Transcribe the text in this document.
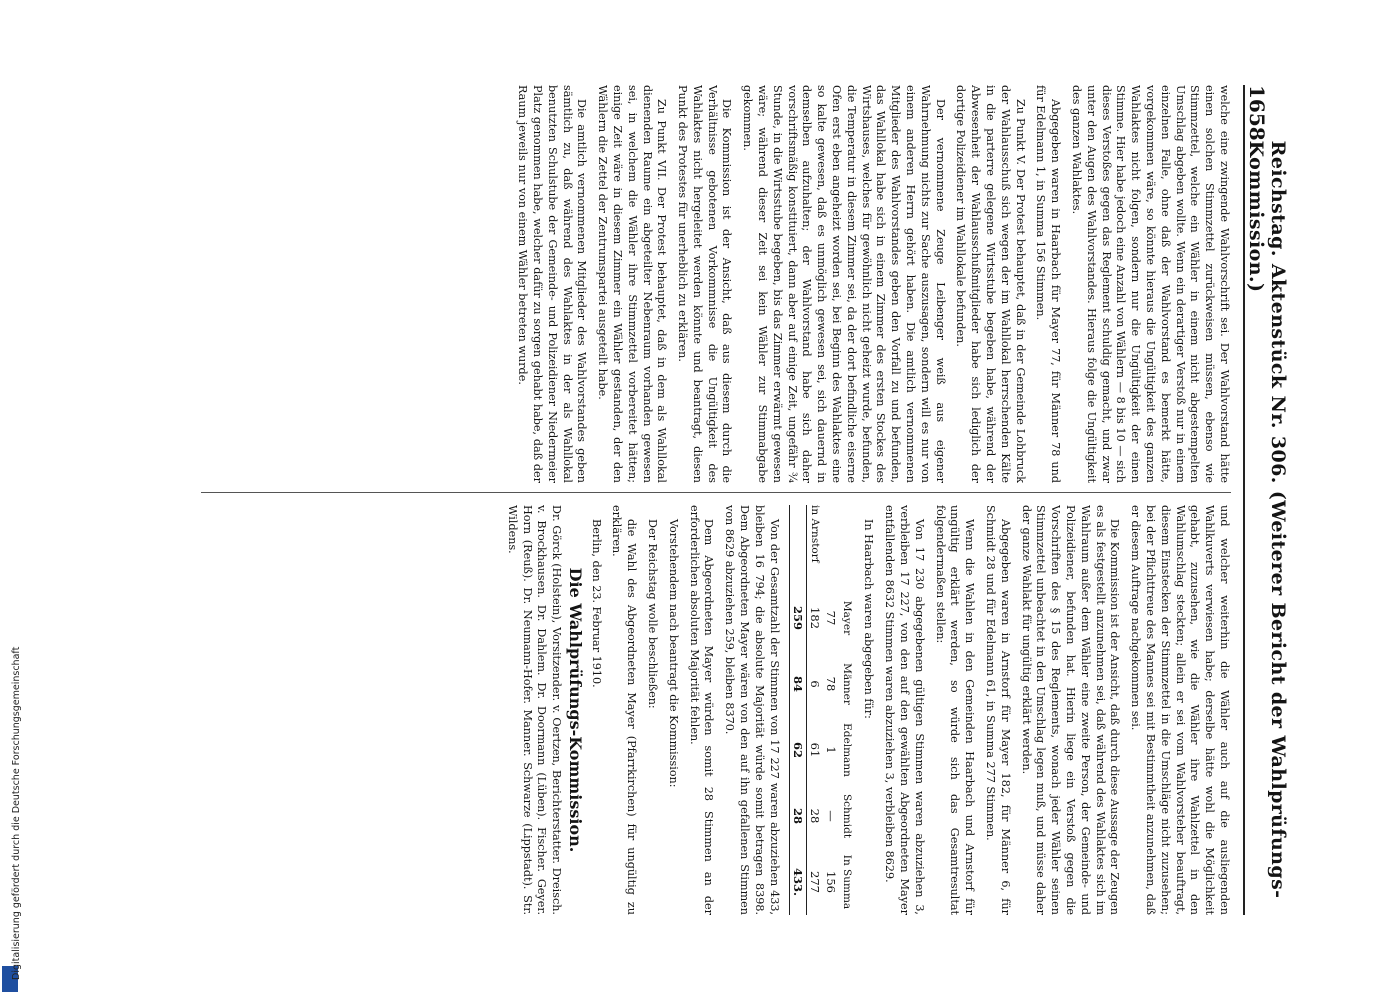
Digitalisierung gefördert durch die Deutsche Forschungsgemeinschaft
1658
Reichstag. Aktenstück Nr. 306. (Weiterer Bericht der Wahlprüfungs-Kommission.)

welche eine zwingende Wahlvorschrift sei. Der Wahlvorstand hätte einen solchen Stimmzettel zurückweisen müssen, ebenso wie Stimmzettel, welche ein Wähler in einem nicht abgestempelten Umschlag abgeben wollte. Wenn ein derartiger Verstoß nur in einem einzelnen Falle, ohne daß der Wahlvorstand es bemerkt hätte, vorgekommen wäre, so könnte hieraus die Ungültigkeit des ganzen Wahlaktes nicht folgen, sondern nur die Ungültigkeit der einen Stimme. Hier habe jedoch eine Anzahl von Wählern — 8 bis 10 — sich dieses Verstoßes gegen das Reglement schuldig gemacht, und zwar unter den Augen des Wahlvorstandes. Hieraus folge die Ungültigkeit des ganzen Wahlaktes.

Abgegeben waren in Haarbach für Mayer 77, für Männer 78 und für Edelmann 1, in Summa 156 Stimmen.

Zu Punkt V. Der Protest behauptet, daß in der Gemeinde Lohbruck der Wahlausschuß sich wegen der im Wahllokal herrschenden Kälte in die parterre gelegene Wirtsstube begeben habe, während der Abwesenheit der Wahlausschußmitglieder habe sich lediglich der dortige Polizeidiener im Wahllokale befunden.

Der vernommene Zeuge Leibenger weiß aus eigener Wahrnehmung nichts zur Sache auszusagen, sondern will es nur von einem anderen Herrn gehört haben. Die amtlich vernommenen Mitglieder des Wahlvorstandes geben den Vorfall zu und befunden, das Wahllokal habe sich in einem Zimmer des ersten Stockes des Wirtshauses, welches für gewöhnlich nicht geheizt wurde, befunden, die Temperatur in diesem Zimmer sei, da der dort befindliche eiserne Ofen erst eben angeheizt worden sei, bei Beginn des Wahlaktes eine so kalte gewesen, daß es unmöglich gewesen sei, sich dauernd in demselben aufzuhalten; der Wahlvorstand habe sich daher vorschriftsmäßig konstituiert, dann aber auf einige Zeit, ungefähr ¾ Stunde, in die Wirtsstube begeben, bis das Zimmer erwärmt gewesen wäre; während dieser Zeit sei kein Wähler zur Stimmabgabe gekommen.

Die Kommission ist der Ansicht, daß aus diesem durch die Verhältnisse gebotenen Vorkommnisse die Ungültigkeit des Wahlaktes nicht hergeleitet werden könnte und beantragt, diesen Punkt des Protestes für unerheblich zu erklären.

Zu Punkt VII. Der Protest behauptet, daß in dem als Wahllokal dienenden Raume ein abgeteilter Nebenraum vorhanden gewesen sei, in welchem die Wähler ihre Stimmzettel vorbereitet hätten; einige Zeit wäre in diesem Zimmer ein Wähler gestanden, der den Wählern die Zettel der Zentrumspartei ausgeteilt habe.

Die amtlich vernommenen Mitglieder des Wahlvorstandes geben sämtlich zu, daß während des Wahlaktes in der als Wahllokal benutzten Schulstube der Gemeinde- und Polizeidiener Niedermeier Platz genommen habe, welcher dafür zu sorgen gehabt habe, daß der Raum jeweils nur von einem Wähler betreten wurde.

und welcher weiterhin die Wähler auch auf die ausliegenden Wahlkuverts verwiesen habe; derselbe hätte wohl die Möglichkeit gehabt, zuzusehen, wie die Wähler ihre Wahlzettel in den Wahlumschlag steckten; allein er sei vom Wahlvorsteher beauftragt, diesem Einstecken der Stimmzettel in die Umschläge nicht zuzusehen; bei der Pflichttreue des Mannes sei mit Bestimmtheit anzunehmen, daß er diesem Auftrage nachgekommen sei.

Die Kommission ist der Ansicht, daß durch diese Aussage der Zeugen es als festgestellt anzunehmen sei, daß während des Wahlaktes sich im Wahlraum außer dem Wähler eine zweite Person, der Gemeinde- und Polizeidiener, befunden hat. Hierin liege ein Verstoß gegen die Vorschriften des § 15 des Reglements, wonach jeder Wähler seinen Stimmzettel unbeachtet in den Umschlag legen muß, und müsse daher der ganze Wahlakt für ungültig erklärt werden.

Abgegeben waren in Arnstorf für Mayer 182, für Männer 6, für Schmidt 28 und für Edelmann 61, in Summa 277 Stimmen.

Wenn die Wahlen in den Gemeinden Haarbach und Arnstorf für ungültig erklärt werden, so würde sich das Gesamtresultat folgendermaßen stellen:

Von 17 230 abgegebenen gültigen Stimmen waren abzuziehen 3, verbleiben 17 227, von den auf den gewählten Abgeordneten Mayer entfallenden 8632 Stimmen waren abzuziehen 3, verbleiben 8629.

In Haarbach waren abgegeben für:

Mayer
Männer
Edelmann
Schmidt
In Summa
77
78
1
—
156
in Arnstorf
182
6
61
28
277
259
84
62
28
433.

Von der Gesamtzahl der Stimmen von 17 227 waren abzuziehen 433, bleiben 16 794; die absolute Majorität würde somit betragen 8398. Dem Abgeordneten Mayer wären von den auf ihn gefallenen Stimmen von 8629 abzuziehen 259, bleiben 8370.

Dem Abgeordneten Mayer würden somit 28 Stimmen an der erforderlichen absoluten Majorität fehlen.

Vorstehendem nach beantragt die Kommission:

Der Reichstag wolle beschließen:

die Wahl des Abgeordneten Mayer (Pfarrkirchen) für ungültig zu erklären.

Berlin, den 23. Februar 1910.

Die Wahlprüfungs-Kommission.

Dr. Görck (Holstein), Vorsitzender. v. Oertzen, Berichterstatter. Dreisch. v. Brockhausen. Dr. Dahlem. Dr. Doormann (Lüben). Fischer. Geyer. Horn (Reuß). Dr. Neumann-Hofer. Manner. Schwarze (Lippstadt). Str. Wildens.
